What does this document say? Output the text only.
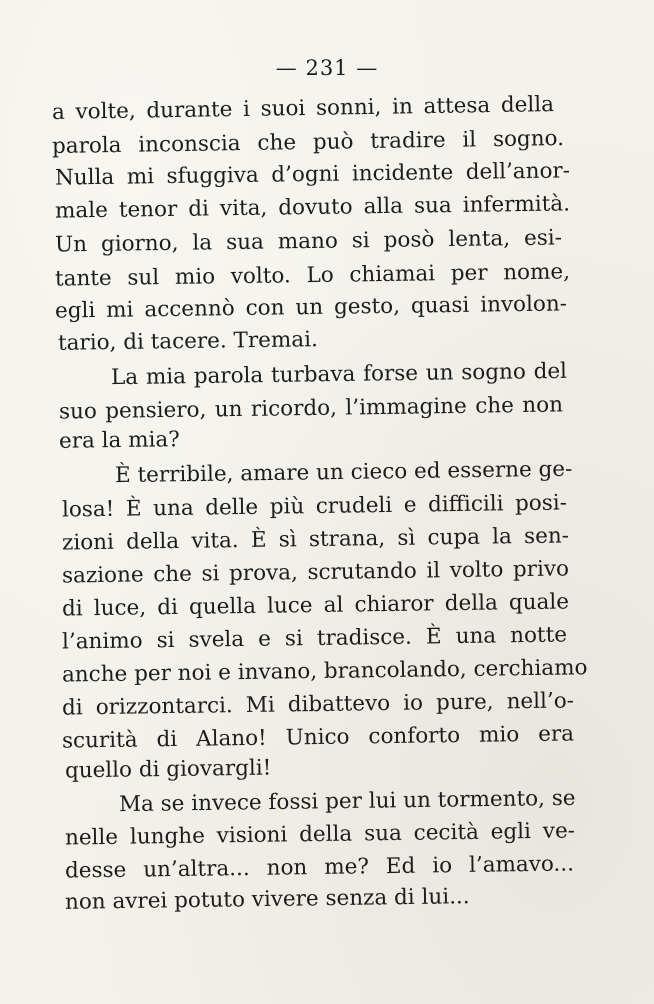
— 231 —
a volte, durante i suoi sonni, in attesa della
parola inconscia che può tradire il sogno.
Nulla mi sfuggiva d’ogni incidente dell’anor-
male tenor di vita, dovuto alla sua infermità.
Un giorno, la sua mano si posò lenta, esi-
tante sul mio volto. Lo chiamai per nome,
egli mi accennò con un gesto, quasi involon-
tario, di tacere. Tremai.
La mia parola turbava forse un sogno del
suo pensiero, un ricordo, l’immagine che non
era la mia?
È terribile, amare un cieco ed esserne ge-
losa! È una delle più crudeli e difficili posi-
zioni della vita. È sì strana, sì cupa la sen-
sazione che si prova, scrutando il volto privo
di luce, di quella luce al chiaror della quale
l’animo si svela e si tradisce. È una notte
anche per noi e invano, brancolando, cerchiamo
di orizzontarci. Mi dibattevo io pure, nell’o-
scurità di Alano! Unico conforto mio era
quello di giovargli!
Ma se invece fossi per lui un tormento, se
nelle lunghe visioni della sua cecità egli ve-
desse un’altra... non me? Ed io l’amavo...
non avrei potuto vivere senza di lui...
